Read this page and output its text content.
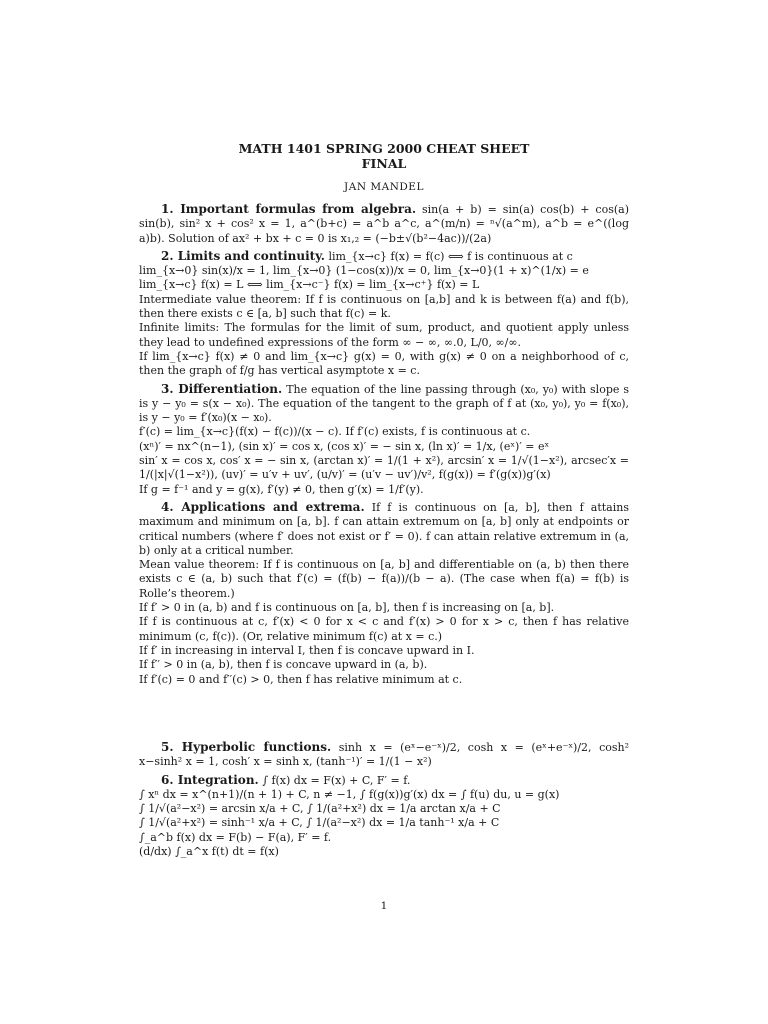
MATH 1401 SPRING 2000 CHEAT SHEET
FINAL
JAN MANDEL

1. Important formulas from algebra. sin(a + b) = sin(a) cos(b) + cos(a) sin(b), sin² x + cos² x = 1, a^(b+c) = a^b a^c, a^(m/n) = ⁿ√(a^m), a^b = e^((log a)b). Solution of ax² + bx + c = 0 is x₁,₂ = (−b±√(b²−4ac))/(2a)

2. Limits and continuity. lim_{x→c} f(x) = f(c) ⟺ f is continuous at c

lim_{x→0} sin(x)/x = 1, lim_{x→0} (1−cos(x))/x = 0, lim_{x→0}(1 + x)^(1/x) = e

lim_{x→c} f(x) = L ⟺ lim_{x→c⁻} f(x) = lim_{x→c⁺} f(x) = L

Intermediate value theorem: If f is continuous on [a,b] and k is between f(a) and f(b), then there exists c ∈ [a, b] such that f(c) = k.

Infinite limits: The formulas for the limit of sum, product, and quotient apply unless they lead to undefined expressions of the form ∞ − ∞, ∞.0, L/0, ∞/∞.

If lim_{x→c} f(x) ≠ 0 and lim_{x→c} g(x) = 0, with g(x) ≠ 0 on a neighborhood of c, then the graph of f/g has vertical asymptote x = c.

3. Differentiation. The equation of the line passing through (x₀, y₀) with slope s is y − y₀ = s(x − x₀). The equation of the tangent to the graph of f at (x₀, y₀), y₀ = f(x₀), is y − y₀ = f′(x₀)(x − x₀).

f′(c) = lim_{x→c}(f(x) − f(c))/(x − c). If f′(c) exists, f is continuous at c.

(xⁿ)′ = nx^(n−1), (sin x)′ = cos x, (cos x)′ = − sin x, (ln x)′ = 1/x, (eˣ)′ = eˣ

sin′ x = cos x, cos′ x = − sin x, (arctan x)′ = 1/(1 + x²), arcsin′ x = 1/√(1−x²), arcsec′x = 1/(|x|√(1−x²)), (uv)′ = u′v + uv′, (u/v)′ = (u′v − uv′)/v², f(g(x)) = f′(g(x))g′(x)

If g = f⁻¹ and y = g(x), f′(y) ≠ 0, then g′(x) = 1/f′(y).

4. Applications and extrema. If f is continuous on [a, b], then f attains maximum and minimum on [a, b]. f can attain extremum on [a, b] only at endpoints or critical numbers (where f′ does not exist or f′ = 0). f can attain relative extremum in (a, b) only at a critical number.

Mean value theorem: If f is continuous on [a, b] and differentiable on (a, b) then there exists c ∈ (a, b) such that f′(c) = (f(b) − f(a))/(b − a). (The case when f(a) = f(b) is Rolle’s theorem.)

If f′ > 0 in (a, b) and f is continuous on [a, b], then f is increasing on [a, b].

If f is continuous at c, f′(x) < 0 for x < c and f′(x) > 0 for x > c, then f has relative minimum (c, f(c)). (Or, relative minimum f(c) at x = c.)

If f′ in increasing in interval I, then f is concave upward in I.

If f′′ > 0 in (a, b), then f is concave upward in (a, b).

If f′(c) = 0 and f′′(c) > 0, then f has relative minimum at c.

5. Hyperbolic functions. sinh x = (eˣ−e⁻ˣ)/2, cosh x = (eˣ+e⁻ˣ)/2, cosh² x−sinh² x = 1, cosh′ x = sinh x, (tanh⁻¹)′ = 1/(1 − x²)

6. Integration. ∫ f(x) dx = F(x) + C, F′ = f.

∫ xⁿ dx = x^(n+1)/(n + 1) + C, n ≠ −1, ∫ f(g(x))g′(x) dx = ∫ f(u) du, u = g(x)

∫ 1/√(a²−x²) = arcsin x/a + C, ∫ 1/(a²+x²) dx = 1/a arctan x/a + C

∫ 1/√(a²+x²) = sinh⁻¹ x/a + C, ∫ 1/(a²−x²) dx = 1/a tanh⁻¹ x/a + C

∫_a^b f(x) dx = F(b) − F(a), F′ = f.

(d/dx) ∫_a^x f(t) dt = f(x)

1
